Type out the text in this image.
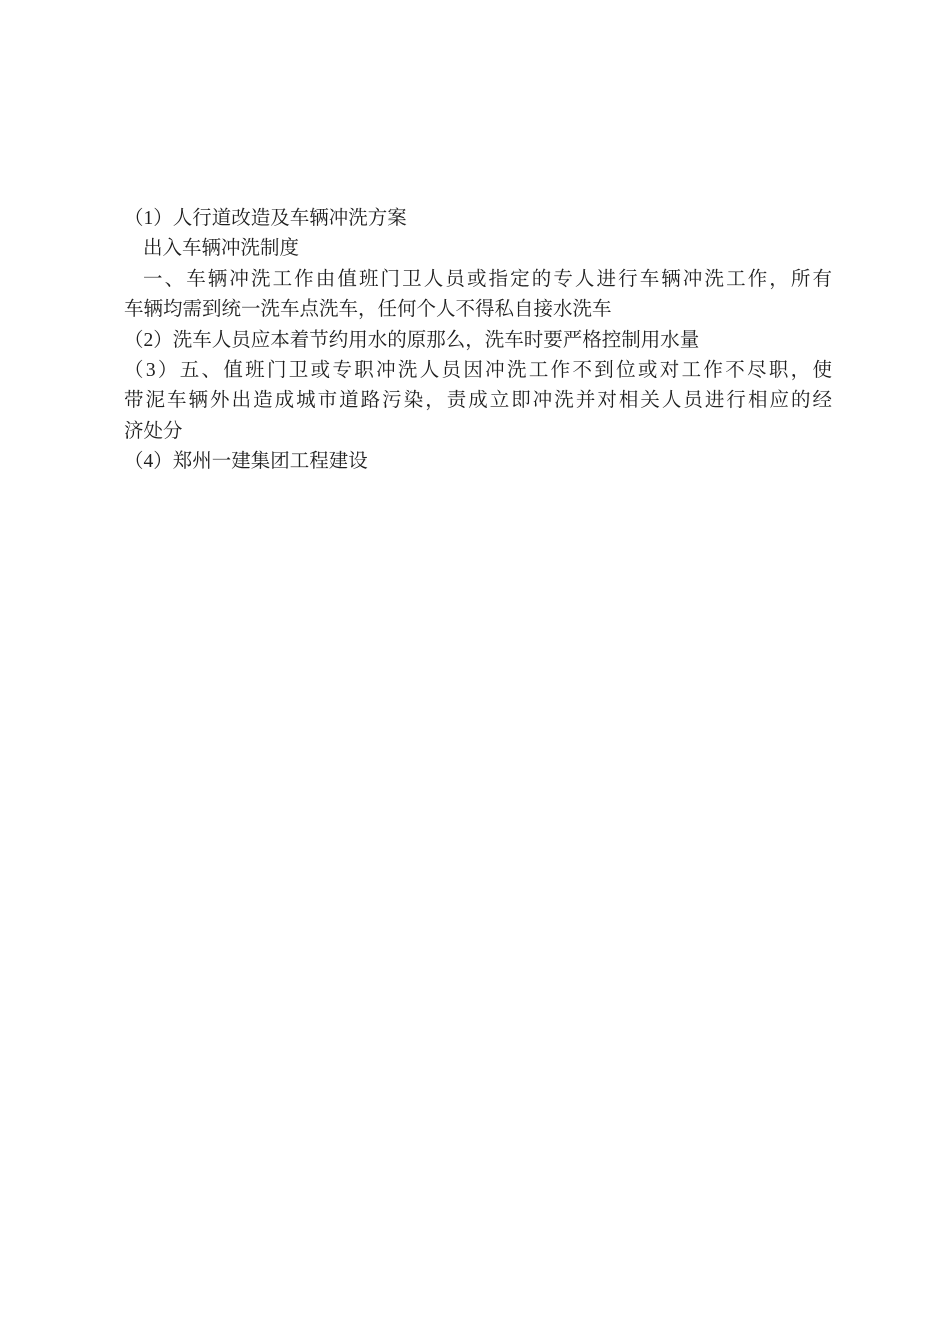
（1）人行道改造及车辆冲洗方案
出入车辆冲洗制度
一、车辆冲洗工作由值班门卫人员或指定的专人进行车辆冲洗工作，所有
车辆均需到统一洗车点洗车，任何个人不得私自接水洗车
（2）洗车人员应本着节约用水的原那么，洗车时要严格控制用水量
（3）五、值班门卫或专职冲洗人员因冲洗工作不到位或对工作不尽职，使
带泥车辆外出造成城市道路污染，责成立即冲洗并对相关人员进行相应的经
济处分
（4）郑州一建集团工程建设
